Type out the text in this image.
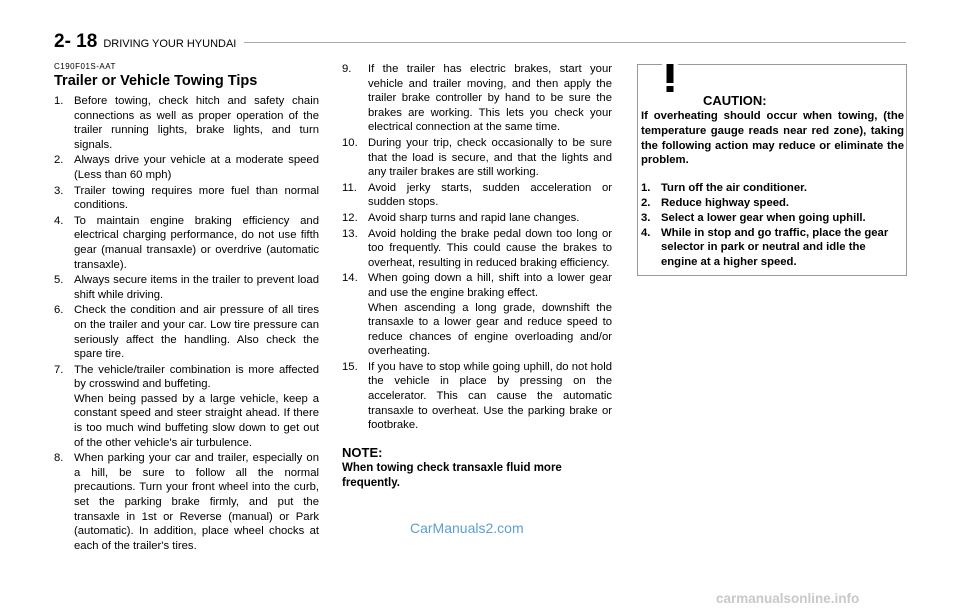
2- 18 DRIVING YOUR HYUNDAI
C190F01S-AAT
Trailer or Vehicle Towing Tips
1. Before towing, check hitch and safety chain connections as well as proper operation of the trailer running lights, brake lights, and turn signals.
2. Always drive your vehicle at a moderate speed (Less than 60 mph)
3. Trailer towing requires more fuel than normal conditions.
4. To maintain engine braking efficiency and electrical charging performance, do not use fifth gear (manual transaxle) or overdrive (automatic transaxle).
5. Always secure items in the trailer to prevent load shift while driving.
6. Check the condition and air pressure of all tires on the trailer and your car. Low tire pressure can seriously affect the handling. Also check the spare tire.
7. The vehicle/trailer combination is more affected by crosswind and buffeting.
When being passed by a large vehicle, keep a constant speed and steer straight ahead. If there is too much wind buffeting slow down to get out of the other vehicle's air turbulence.
8. When parking your car and trailer, especially on a hill, be sure to follow all the normal precautions. Turn your front wheel into the curb, set the parking brake firmly, and put the transaxle in 1st or Reverse (manual) or Park (automatic). In addition, place wheel chocks at each of the trailer's tires.
9. If the trailer has electric brakes, start your vehicle and trailer moving, and then apply the trailer brake controller by hand to be sure the brakes are working. This lets you check your electrical connection at the same time.
10. During your trip, check occasionally to be sure that the load is secure, and that the lights and any trailer brakes are still working.
11. Avoid jerky starts, sudden acceleration or sudden stops.
12. Avoid sharp turns and rapid lane changes.
13. Avoid holding the brake pedal down too long or too frequently. This could cause the brakes to overheat, resulting in reduced braking efficiency.
14. When going down a hill, shift into a lower gear and use the engine braking effect.
When ascending a long grade, downshift the transaxle to a lower gear and reduce speed to reduce chances of engine overloading and/or overheating.
15. If you have to stop while going uphill, do not hold the vehicle in place by pressing on the accelerator. This can cause the automatic transaxle to overheat. Use the parking brake or footbrake.
NOTE:
When towing check transaxle fluid more frequently.
CAUTION:
If overheating should occur when towing, (the temperature gauge reads near red zone), taking the following action may reduce or eliminate the problem.
1. Turn off the air conditioner.
2. Reduce highway speed.
3. Select a lower gear when going uphill.
4. While in stop and go traffic, place the gear selector in park or neutral and idle the engine at a higher speed.
CarManuals2.com
carmanualsonline.info
